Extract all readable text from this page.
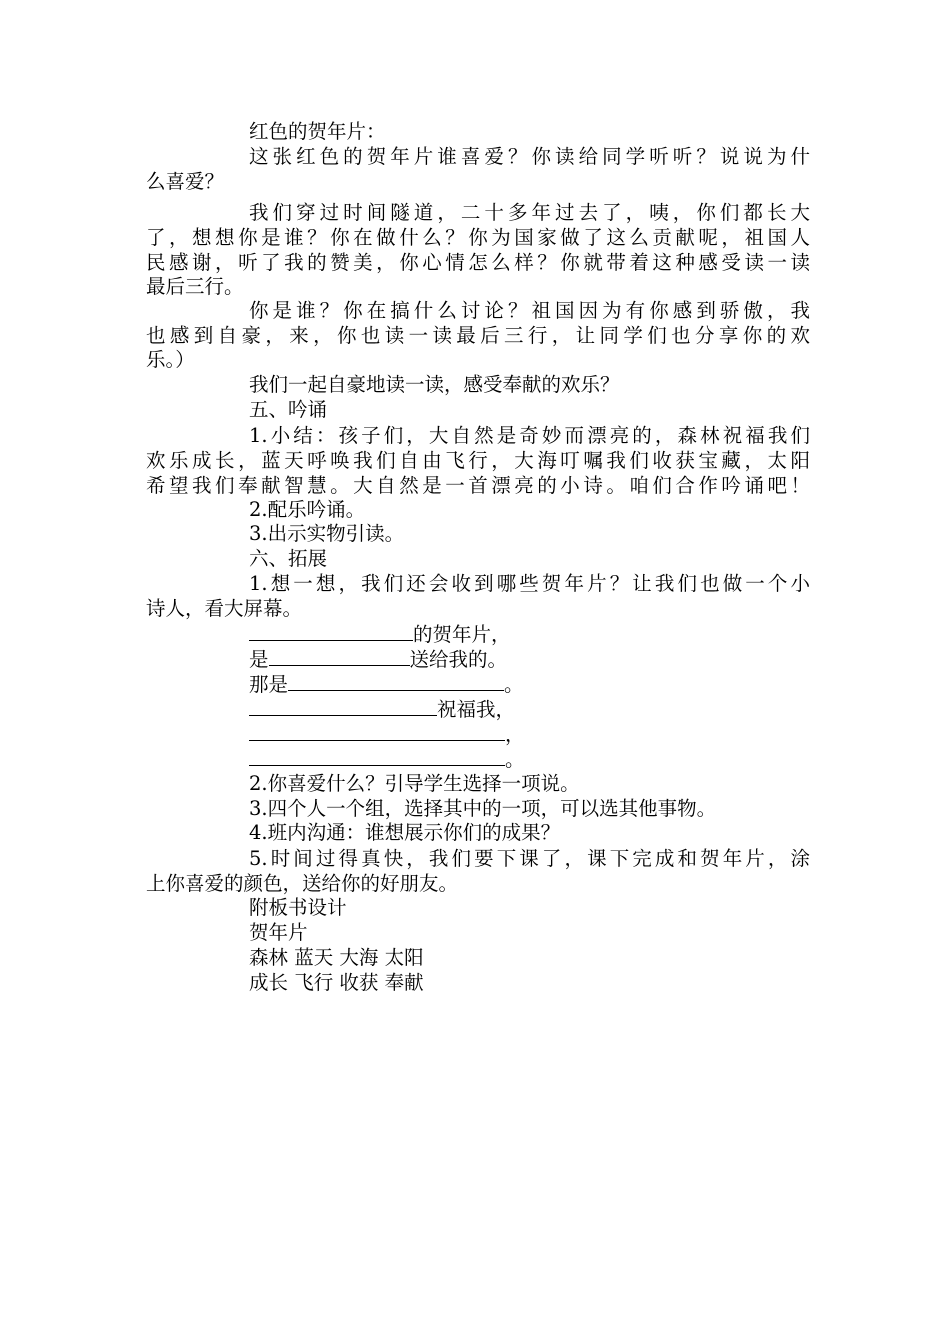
红色的贺年片：
这张红色的贺年片谁喜爱？你读给同学听听？说说为什
么喜爱？
我们穿过时间隧道，二十多年过去了，咦，你们都长大
了，想想你是谁？你在做什么？你为国家做了这么贡献呢，祖国人
民感谢，听了我的赞美，你心情怎么样？你就带着这种感受读一读
最后三行。
你是谁？你在搞什么讨论？祖国因为有你感到骄傲，我
也感到自豪，来，你也读一读最后三行，让同学们也分享你的欢
乐。）
我们一起自豪地读一读，感受奉献的欢乐？
五、吟诵
1.小结：孩子们，大自然是奇妙而漂亮的，森林祝福我们
欢乐成长，蓝天呼唤我们自由飞行，大海叮嘱我们收获宝藏，太阳
希望我们奉献智慧。大自然是一首漂亮的小诗。咱们合作吟诵吧！
2.配乐吟诵。
3.出示实物引读。
六、拓展
1.想一想，我们还会收到哪些贺年片？让我们也做一个小
诗人，看大屏幕。
的贺年片，
是	送给我的。
那是	。
祝福我，
，
。
2.你喜爱什么？引导学生选择一项说。
3.四个人一个组，选择其中的一项，可以选其他事物。
4.班内沟通：谁想展示你们的成果？
5.时间过得真快，我们要下课了，课下完成和贺年片，涂
上你喜爱的颜色，送给你的好朋友。
附板书设计
贺年片
森林 蓝天 大海 太阳
成长 飞行 收获 奉献
